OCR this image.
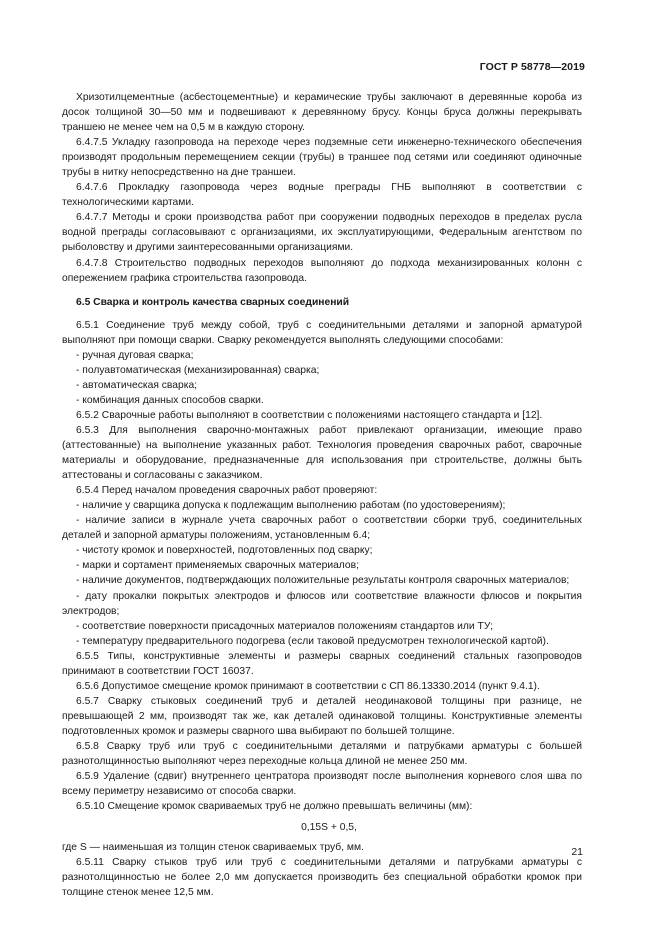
ГОСТ Р 58778—2019

Хризотилцементные (асбестоцементные) и керамические трубы заключают в деревянные короба из досок толщиной 30—50 мм и подвешивают к деревянному брусу. Концы бруса должны перекрывать траншею не менее чем на 0,5 м в каждую сторону.

6.4.7.5 Укладку газопровода на переходе через подземные сети инженерно-технического обеспечения производят продольным перемещением секции (трубы) в траншее под сетями или соединяют одиночные трубы в нитку непосредственно на дне траншеи.

6.4.7.6 Прокладку газопровода через водные преграды ГНБ выполняют в соответствии с технологическими картами.

6.4.7.7 Методы и сроки производства работ при сооружении подводных переходов в пределах русла водной преграды согласовывают с организациями, их эксплуатирующими, Федеральным агентством по рыболовству и другими заинтересованными организациями.

6.4.7.8 Строительство подводных переходов выполняют до подхода механизированных колонн с опережением графика строительства газопровода.

6.5 Сварка и контроль качества сварных соединений

6.5.1 Соединение труб между собой, труб с соединительными деталями и запорной арматурой выполняют при помощи сварки. Сварку рекомендуется выполнять следующими способами:

- ручная дуговая сварка;

- полуавтоматическая (механизированная) сварка;

- автоматическая сварка;

- комбинация данных способов сварки.

6.5.2 Сварочные работы выполняют в соответствии с положениями настоящего стандарта и [12].

6.5.3 Для выполнения сварочно-монтажных работ привлекают организации, имеющие право (аттестованные) на выполнение указанных работ. Технология проведения сварочных работ, сварочные материалы и оборудование, предназначенные для использования при строительстве, должны быть аттестованы и согласованы с заказчиком.

6.5.4 Перед началом проведения сварочных работ проверяют:

- наличие у сварщика допуска к подлежащим выполнению работам (по удостоверениям);

- наличие записи в журнале учета сварочных работ о соответствии сборки труб, соединительных деталей и запорной арматуры положениям, установленным 6.4;

- чистоту кромок и поверхностей, подготовленных под сварку;

- марки и сортамент применяемых сварочных материалов;

- наличие документов, подтверждающих положительные результаты контроля сварочных материалов;

- дату прокалки покрытых электродов и флюсов или соответствие влажности флюсов и покрытия электродов;

- соответствие поверхности присадочных материалов положениям стандартов или ТУ;

- температуру предварительного подогрева (если таковой предусмотрен технологической картой).

6.5.5 Типы, конструктивные элементы и размеры сварных соединений стальных газопроводов принимают в соответствии ГОСТ 16037.

6.5.6 Допустимое смещение кромок принимают в соответствии с СП 86.13330.2014 (пункт 9.4.1).

6.5.7 Сварку стыковых соединений труб и деталей неодинаковой толщины при разнице, не превышающей 2 мм, производят так же, как деталей одинаковой толщины. Конструктивные элементы подготовленных кромок и размеры сварного шва выбирают по большей толщине.

6.5.8 Сварку труб или труб с соединительными деталями и патрубками арматуры с большей разнотолщинностью выполняют через переходные кольца длиной не менее 250 мм.

6.5.9 Удаление (сдвиг) внутреннего центратора производят после выполнения корневого слоя шва по всему периметру независимо от способа сварки.

6.5.10 Смещение кромок свариваемых труб не должно превышать величины (мм):

0,15S + 0,5,

где S — наименьшая из толщин стенок свариваемых труб, мм.

6.5.11 Сварку стыков труб или труб с соединительными деталями и патрубками арматуры с разнотолщинностью не более 2,0 мм допускается производить без специальной обработки кромок при толщине стенок менее 12,5 мм.

21
